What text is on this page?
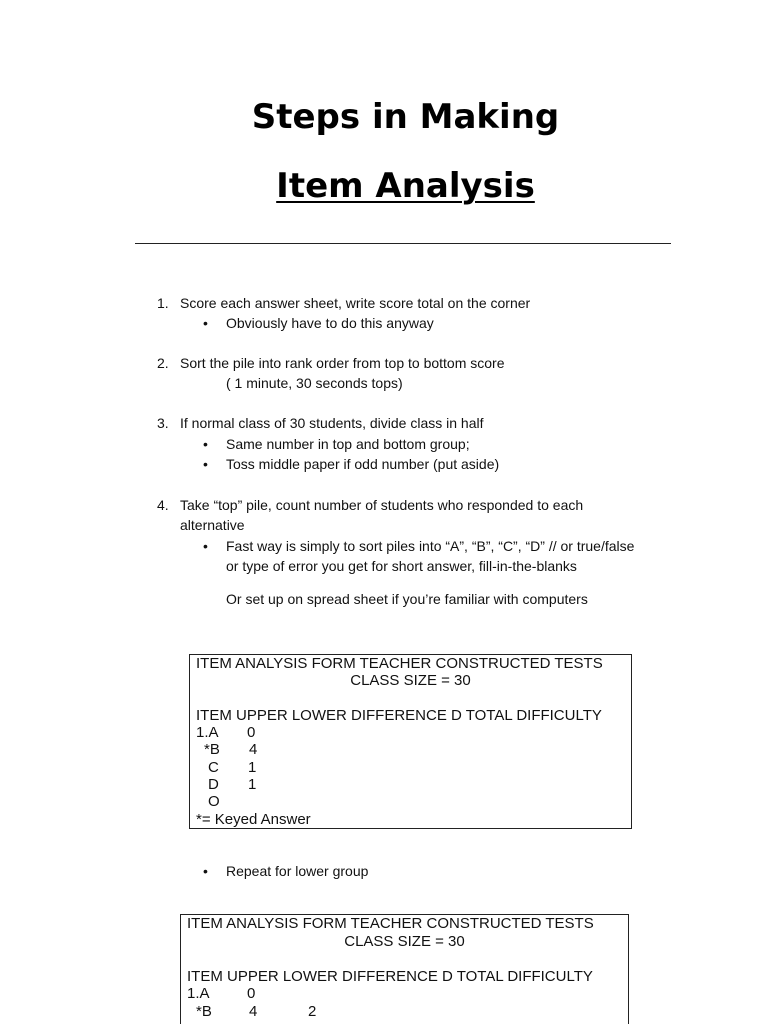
Steps in Making
Item Analysis
1. Score each answer sheet, write score total on the corner
• Obviously have to do this anyway
2. Sort the pile into rank order from top to bottom score
( 1 minute, 30 seconds tops)
3. If normal class of 30 students, divide class in half
• Same number in top and bottom group;
• Toss middle paper if odd number (put aside)
4. Take “top” pile, count number of students who responded to each
alternative
• Fast way is simply to sort piles into “A”, “B”, “C”, “D” // or true/false
or type of error you get for short answer, fill-in-the-blanks
Or set up on spread sheet if you’re familiar with computers
ITEM ANALYSIS FORM TEACHER CONSTRUCTED TESTS
CLASS SIZE = 30
ITEM UPPER LOWER DIFFERENCE D TOTAL DIFFICULTY
1.A 0
*B 4
C 1
D 1
O
*= Keyed Answer
• Repeat for lower group
ITEM ANALYSIS FORM TEACHER CONSTRUCTED TESTS
CLASS SIZE = 30
ITEM UPPER LOWER DIFFERENCE D TOTAL DIFFICULTY
1.A 0
*B 4	2
